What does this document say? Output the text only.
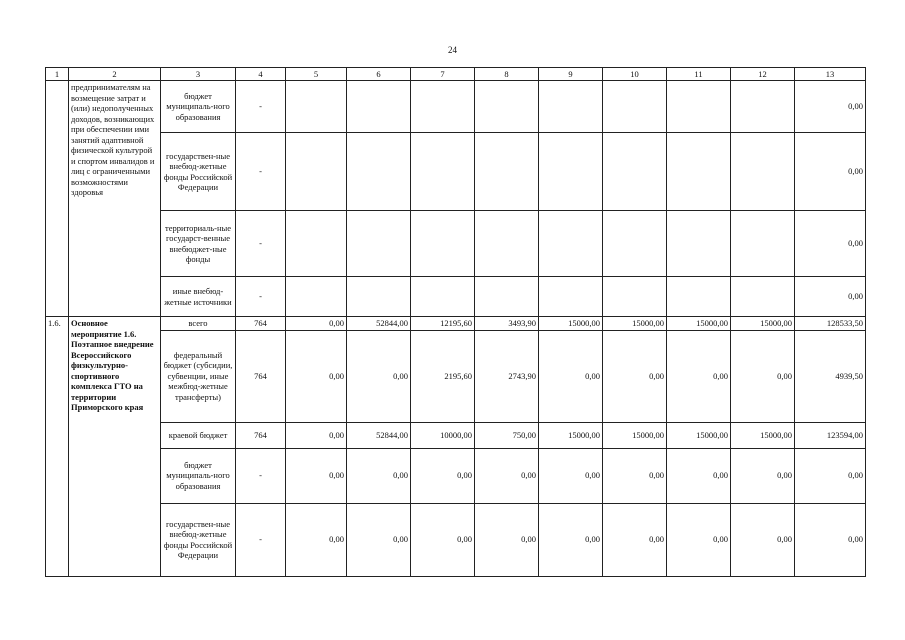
24
1	2	3	4	5	6	7	8	9	10	11	12	13
	предпринимателям на возмещение затрат и (или) недополученных доходов, возникающих при обеспечении ими занятий адаптивной физической культурой и спортом инвалидов и лиц с ограниченными возможностями здоровья	бюджет муниципаль-ного образования	-									0,00
		государствен-ные внебюд-жетные фонды Российской Федерации	-									0,00
		территориаль-ные государст-венные внебюджет-ные фонды	-									0,00
		иные внебюд-жетные источники	-									0,00
1.6.	Основное мероприятие 1.6. Поэтапное внедрение Всероссийского физкультурно-спортивного комплекса ГТО на территории Приморского края	всего	764	0,00	52844,00	12195,60	3493,90	15000,00	15000,00	15000,00	15000,00	128533,50
		федеральный бюджет (субсидии, субвенции, иные межбюд-жетные трансферты)	764	0,00	0,00	2195,60	2743,90	0,00	0,00	0,00	0,00	4939,50
		краевой бюджет	764	0,00	52844,00	10000,00	750,00	15000,00	15000,00	15000,00	15000,00	123594,00
		бюджет муниципаль-ного образования	-	0,00	0,00	0,00	0,00	0,00	0,00	0,00	0,00	0,00
		государствен-ные внебюд-жетные фонды Российской Федерации	-	0,00	0,00	0,00	0,00	0,00	0,00	0,00	0,00	0,00
